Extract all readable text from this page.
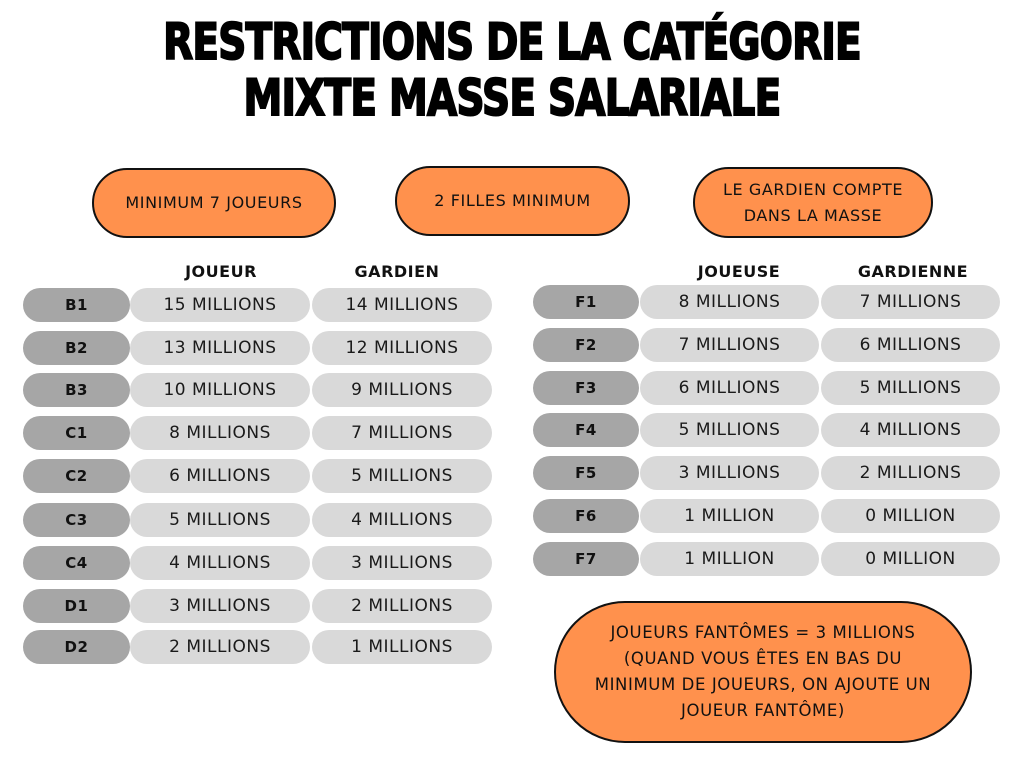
RESTRICTIONS DE LA CATÉGORIE
MIXTE MASSE SALARIALE
MINIMUM 7 JOUEURS	2 FILLES MINIMUM
LE GARDIEN COMPTE
DANS LA MASSE
JOUEUR	GARDIEN	JOUEUSE	GARDIENNE
B1	15 MILLIONS	14 MILLIONS
B2	13 MILLIONS	12 MILLIONS
B3	10 MILLIONS	9 MILLIONS
C1	8 MILLIONS	7 MILLIONS
C2	6 MILLIONS	5 MILLIONS
C3	5 MILLIONS	4 MILLIONS
C4	4 MILLIONS	3 MILLIONS
D1	3 MILLIONS	2 MILLIONS
D2	2 MILLIONS	1 MILLIONS
F1	8 MILLIONS	7 MILLIONS
F2	7 MILLIONS	6 MILLIONS
F3	6 MILLIONS	5 MILLIONS
F4	5 MILLIONS	4 MILLIONS
F5	3 MILLIONS	2 MILLIONS
F6	1 MILLION	0 MILLION
F7	1 MILLION	0 MILLION
JOUEURS FANTÔMES = 3 MILLIONS
(QUAND VOUS ÊTES EN BAS DU
MINIMUM DE JOUEURS, ON AJOUTE UN
JOUEUR FANTÔME)
